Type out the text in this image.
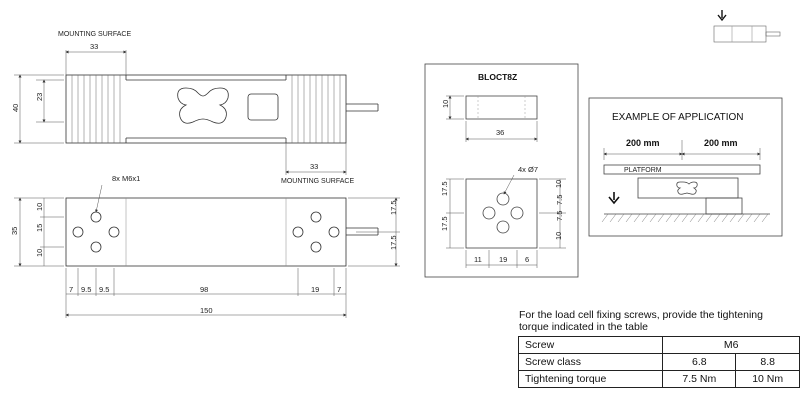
MOUNTING SURFACE
33
33
MOUNTING SURFACE
40
23
8x M6x1
10
15
10
35
17.5
17.5
7 9.5 9.5	98	19 7
150
BLOCT8Z
10
36
4x Ø7
17.5
17.5
10
7.5
7.5
10
11 19 6
EXAMPLE OF APPLICATION
200 mm	200 mm
PLATFORM
For the load cell fixing screws, provide the tightening torque indicated in the table
Screw	M6	
Screw class	6.8	8.8
Tightening torque	7.5 Nm	10 Nm
